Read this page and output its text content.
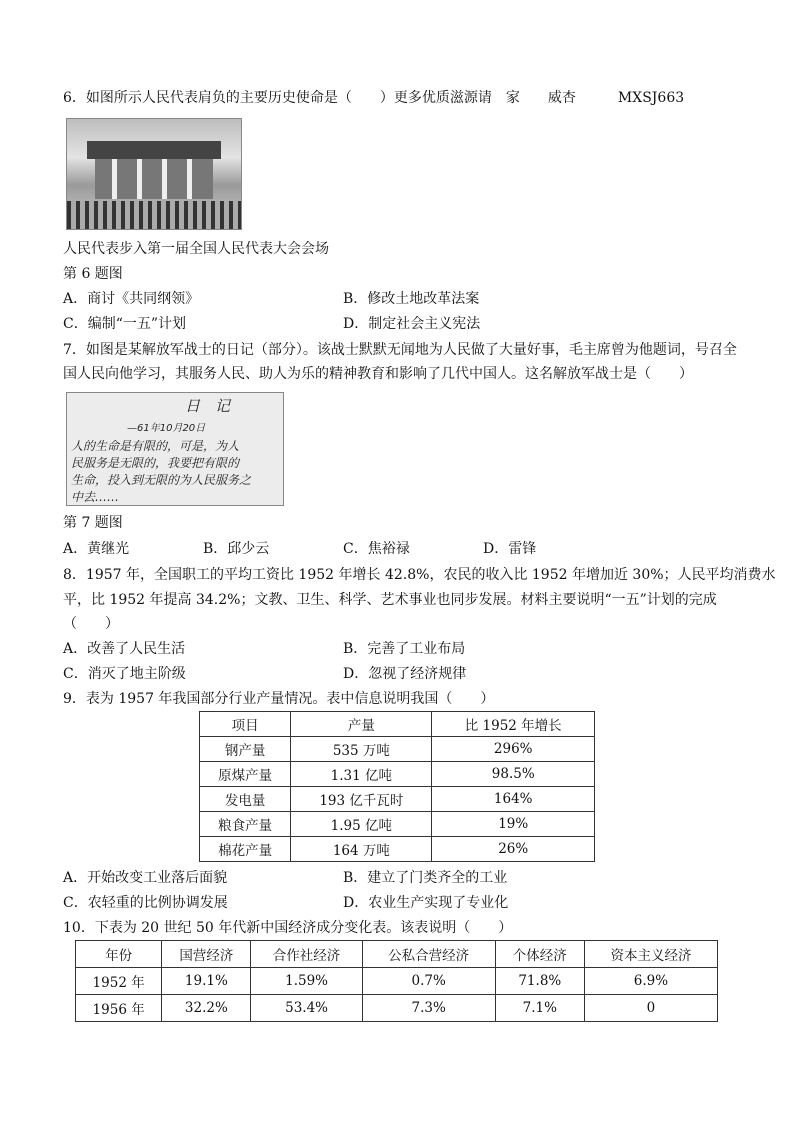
6．如图所示人民代表肩负的主要历史使命是（　　）更多优质滋源请　家　　威杏　　　MXSJ663
人民代表步入第一届全国人民代表大会会场
第 6 题图
A．商讨《共同纲领》	B．修改土地改革法案
C．编制“一五”计划	D．制定社会主义宪法
7．如图是某解放军战士的日记（部分）。该战士默默无闻地为人民做了大量好事，毛主席曾为他题词，号召全
国人民向他学习，其服务人民、助人为乐的精神教育和影响了几代中国人。这名解放军战士是（　　）
日　记
—61年10月20日
人的生命是有限的，可是，为人
民服务是无限的，我要把有限的
生命，投入到无限的为人民服务之
中去……
第 7 题图
A．黄继光	B．邱少云	C．焦裕禄	D．雷锋
8．1957 年，全国职工的平均工资比 1952 年增长 42.8%，农民的收入比 1952 年增加近 30%；人民平均消费水
平，比 1952 年提高 34.2%；文教、卫生、科学、艺术事业也同步发展。材料主要说明“一五”计划的完成
（　　）
A．改善了人民生活	B．完善了工业布局
C．消灭了地主阶级	D．忽视了经济规律
9．表为 1957 年我国部分行业产量情况。表中信息说明我国（　　）
项目	产量	比 1952 年增长
钢产量	535 万吨	296%
原煤产量	1.31 亿吨	98.5%
发电量	193 亿千瓦时	164%
粮食产量	1.95 亿吨	19%
棉花产量	164 万吨	26%
A．开始改变工业落后面貌	B．建立了门类齐全的工业
C．农轻重的比例协调发展	D．农业生产实现了专业化
10．下表为 20 世纪 50 年代新中国经济成分变化表。该表说明（　　）
年份	国营经济	合作社经济	公私合营经济	个体经济	资本主义经济
1952 年	19.1%	1.59%	0.7%	71.8%	6.9%
1956 年	32.2%	53.4%	7.3%	7.1%	0
